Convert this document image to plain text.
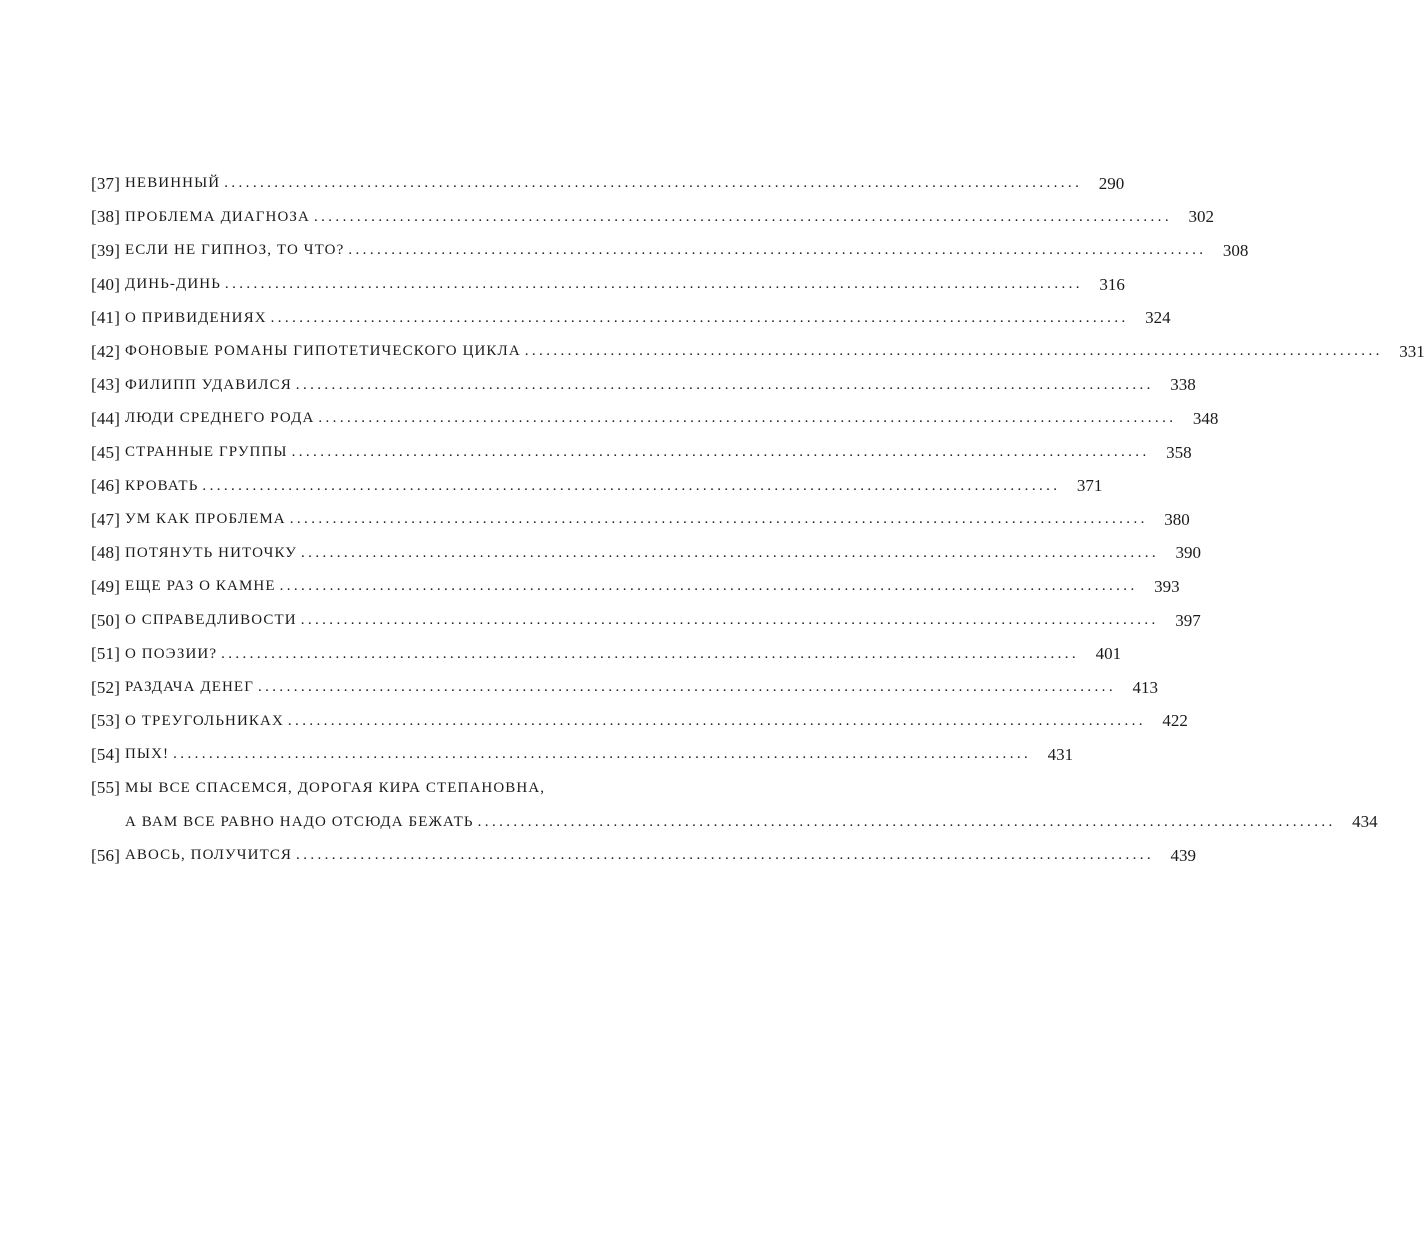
[37] НЕВИННЫЙ ........................................................................................................................ 290
[38] ПРОБЛЕМА ДИАГНОЗА ........................................................................................................................ 302
[39] ЕСЛИ НЕ ГИПНОЗ, ТО ЧТО? ........................................................................................................................ 308
[40] ДИНЬ-ДИНЬ ........................................................................................................................ 316
[41] О ПРИВИДЕНИЯХ ........................................................................................................................ 324
[42] ФОНОВЫЕ РОМАНЫ ГИПОТЕТИЧЕСКОГО ЦИКЛА ........................................................................................................................ 331
[43] ФИЛИПП УДАВИЛСЯ ........................................................................................................................ 338
[44] ЛЮДИ СРЕДНЕГО РОДА ........................................................................................................................ 348
[45] СТРАННЫЕ ГРУППЫ ........................................................................................................................ 358
[46] КРОВАТЬ ........................................................................................................................ 371
[47] УМ КАК ПРОБЛЕМА ........................................................................................................................ 380
[48] ПОТЯНУТЬ НИТОЧКУ ........................................................................................................................ 390
[49] ЕЩЕ РАЗ О КАМНЕ ........................................................................................................................ 393
[50] О СПРАВЕДЛИВОСТИ ........................................................................................................................ 397
[51] О ПОЭЗИИ? ........................................................................................................................ 401
[52] РАЗДАЧА ДЕНЕГ ........................................................................................................................ 413
[53] О ТРЕУГОЛЬНИКАХ ........................................................................................................................ 422
[54] ПЫХ! ........................................................................................................................ 431
[55] МЫ ВСЕ СПАСЕМСЯ, ДОРОГАЯ КИРА СТЕПАНОВНА,
А ВАМ ВСЕ РАВНО НАДО ОТСЮДА БЕЖАТЬ ........................................................................................................................ 434
[56] АВОСЬ, ПОЛУЧИТСЯ ........................................................................................................................ 439
